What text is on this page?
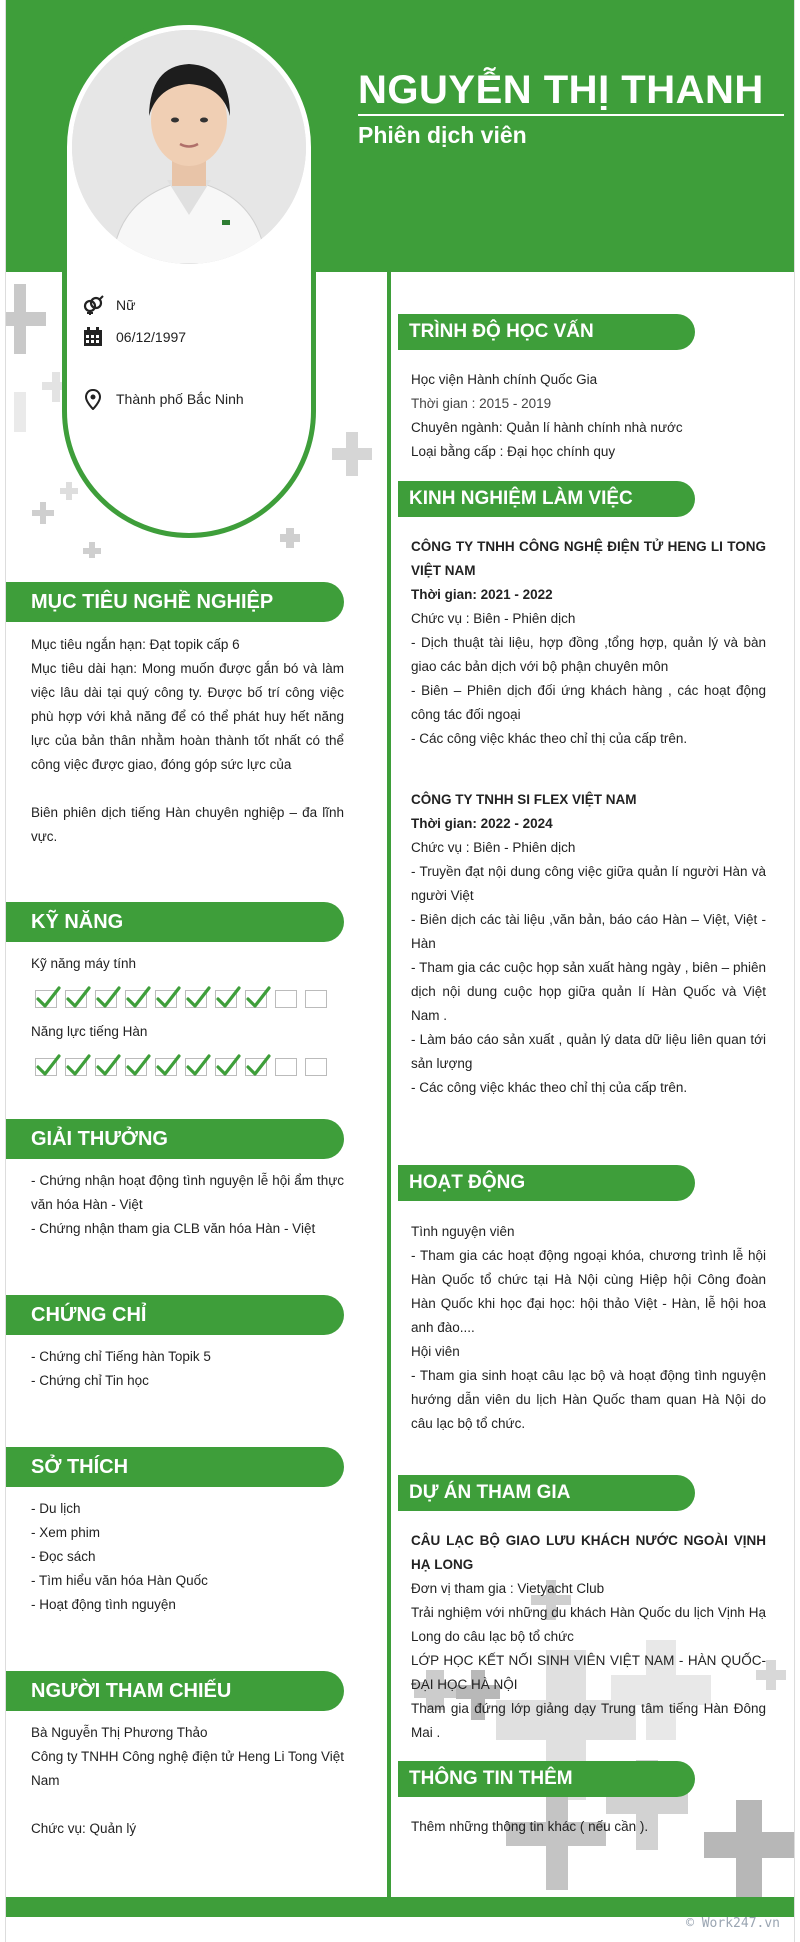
NGUYỄN THỊ THANH
Phiên dịch viên
Nữ
06/12/1997
Thành phố Bắc Ninh
MỤC TIÊU NGHỀ NGHIỆP
Mục tiêu ngắn hạn: Đạt topik cấp 6
Mục tiêu dài hạn: Mong muốn được gắn bó và làm việc lâu dài tại quý công ty. Được bố trí công việc phù hợp với khả năng để có thể phát huy hết năng lực của bản thân nhằm hoàn thành tốt nhất có thể công việc được giao, đóng góp sức lực của
Biên phiên dịch tiếng Hàn chuyên nghiệp – đa lĩnh vực.
KỸ NĂNG
Kỹ năng máy tính
Năng lực tiếng Hàn
GIẢI THƯỞNG
- Chứng nhận hoạt động tình nguyện lễ hội ẩm thực văn hóa Hàn - Việt
- Chứng nhận tham gia CLB văn hóa Hàn - Việt
CHỨNG CHỈ
- Chứng chỉ Tiếng hàn Topik 5
- Chứng chỉ Tin học
SỞ THÍCH
- Du lịch
- Xem phim
- Đọc sách
- Tìm hiểu văn hóa Hàn Quốc
- Hoạt động tình nguyện
NGƯỜI THAM CHIẾU
Bà Nguyễn Thị Phương Thảo
Công ty TNHH Công nghệ điện tử Heng Li Tong Việt Nam
Chức vụ: Quản lý
TRÌNH ĐỘ HỌC VẤN
Học viện Hành chính Quốc Gia
Thời gian : 2015 - 2019
Chuyên ngành: Quản lí hành chính nhà nước
Loại bằng cấp : Đại học chính quy
KINH NGHIỆM LÀM VIỆC
CÔNG TY TNHH CÔNG NGHỆ ĐIỆN TỬ HENG LI TONG VIỆT NAM
Thời gian: 2021 - 2022
Chức vụ : Biên - Phiên dịch
- Dịch thuật tài liệu, hợp đồng ,tổng hợp, quản lý và bàn giao các bản dịch với bộ phận chuyên môn
- Biên – Phiên dịch đối ứng khách hàng , các hoạt động công tác đối ngoại
- Các công việc khác theo chỉ thị của cấp trên.
CÔNG TY TNHH SI FLEX VIỆT NAM
Thời gian: 2022 - 2024
Chức vụ : Biên - Phiên dịch
- Truyền đạt nội dung công việc giữa quản lí người Hàn và người Việt
- Biên dịch các tài liệu ,văn bản, báo cáo Hàn – Việt, Việt - Hàn
- Tham gia các cuộc họp sản xuất hàng ngày , biên – phiên dịch nội dung cuộc họp giữa quản lí Hàn Quốc và Việt Nam .
- Làm báo cáo sản xuất , quản lý data dữ liệu liên quan tới sản lượng
- Các công việc khác theo chỉ thị của cấp trên.
HOẠT ĐỘNG
Tình nguyện viên
- Tham gia các hoạt động ngoại khóa, chương trình lễ hội Hàn Quốc tổ chức tại Hà Nội cùng Hiệp hội Công đoàn Hàn Quốc khi học đại học: hội thảo Việt - Hàn, lễ hội hoa anh đào....
Hội viên
- Tham gia sinh hoạt câu lạc bộ và hoạt động tình nguyện hướng dẫn viên du lịch Hàn Quốc tham quan Hà Nội do câu lạc bộ tổ chức.
DỰ ÁN THAM GIA
CÂU LẠC BỘ GIAO LƯU KHÁCH NƯỚC NGOÀI VỊNH HẠ LONG
Đơn vị tham gia : Vietyacht Club
Trải nghiệm với những du khách Hàn Quốc du lịch Vịnh Hạ Long do câu lạc bộ tổ chức
LỚP HỌC KẾT NỐI SINH VIÊN VIỆT NAM - HÀN QUỐC- ĐẠI HỌC HÀ NỘI
Tham gia đứng lớp giảng dạy Trung tâm tiếng Hàn Đông Mai .
THÔNG TIN THÊM
Thêm những thông tin khác ( nếu cần ).
© Work247.vn
